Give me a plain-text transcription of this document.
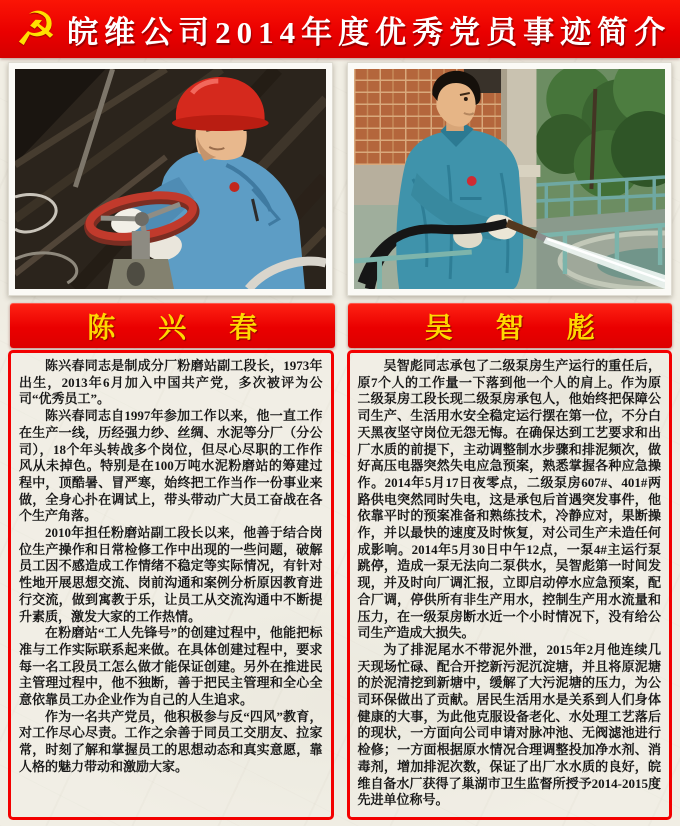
☭ 皖维公司2014年度优秀党员事迹简介
陈 兴 春	吴 智 彪

陈兴春同志是制成分厂粉磨站副工段长，1973年出生，2013年6月加入中国共产党，多次被评为公司“优秀员工”。

陈兴春同志自1997年参加工作以来，他一直工作在生产一线，历经强力纱、丝绸、水泥等分厂（分公司），18个年头转战多个岗位，但尽心尽职的工作作风从未掉色。特别是在100万吨水泥粉磨站的筹建过程中，顶酷暑、冒严寒，始终把工作当作一份事业来做，全身心扑在调试上，带头带动广大员工奋战在各个生产角落。

2010年担任粉磨站副工段长以来，他善于结合岗位生产操作和日常检修工作中出现的一些问题，破解员工因不感造成工作情绪不稳定等实际情况，有针对性地开展思想交流、岗前沟通和案例分析原因教育进行交流，做到寓教于乐，让员工从交流沟通中不断提升素质，激发大家的工作热情。

在粉磨站“工人先锋号”的创建过程中，他能把标准与工作实际联系起来做。在具体创建过程中，要求每一名工段员工怎么做才能保证创建。另外在推进民主管理过程中，他不独断，善于把民主管理和全心全意依靠员工办企业作为自己的人生追求。

作为一名共产党员，他积极参与反“四风”教育，对工作尽心尽责。工作之余善于同员工交朋友、拉家常，时刻了解和掌握员工的思想动态和真实意愿，靠人格的魅力带动和激励大家。

吴智彪同志承包了二级泵房生产运行的重任后，原7个人的工作量一下落到他一个人的肩上。作为原二级泵房工段长现二级泵房承包人，他始终把保障公司生产、生活用水安全稳定运行摆在第一位，不分白天黑夜坚守岗位无怨无悔。在确保达到工艺要求和出厂水质的前提下，主动调整制水步骤和排泥频次，做好高压电器突然失电应急预案，熟悉掌握各种应急操作。2014年5月17日夜零点，二级泵房607#、401#两路供电突然同时失电，这是承包后首遇突发事件，他依靠平时的预案准备和熟练技术，冷静应对，果断操作，并以最快的速度及时恢复，对公司生产未造任何成影响。2014年5月30日中午12点，一泵4#主运行泵跳停，造成一泵无法向二泵供水，吴智彪第一时间发现，并及时向厂调汇报，立即启动停水应急预案，配合厂调，停供所有非生产用水，控制生产用水流量和压力，在一级泵房断水近一个小时情况下，没有给公司生产造成大损失。

为了排泥尾水不带泥外泄，2015年2月他连续几天现场忙碌、配合开挖新污泥沉淀塘，并且将原泥塘的於泥清挖到新塘中，缓解了大污泥塘的压力，为公司环保做出了贡献。居民生活用水是关系到人们身体健康的大事，为此他克服设备老化、水处理工艺落后的现状，一方面向公司申请对脉冲池、无阀滤池进行检修；一方面根据原水情况合理调整投加净水剂、消毒剂，增加排泥次数，保证了出厂水水质的良好，皖维自备水厂获得了巢湖市卫生监督所授予2014-2015度先进单位称号。
